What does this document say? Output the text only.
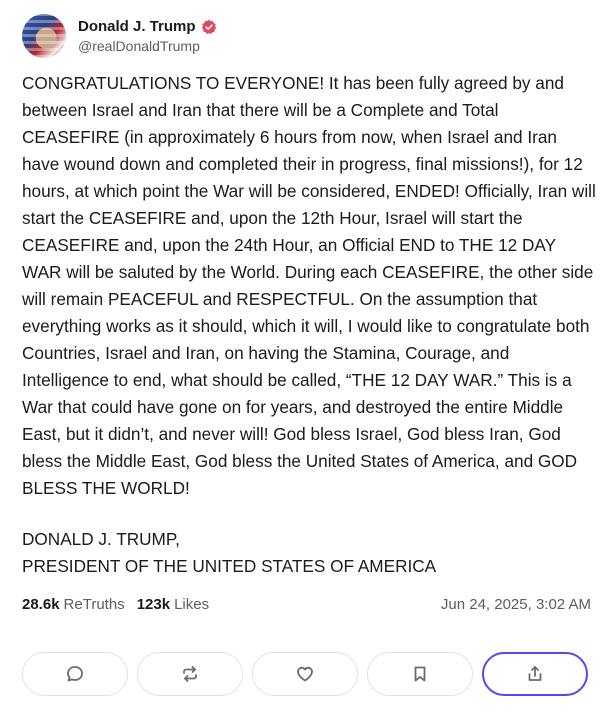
Donald J. Trump
@realDonaldTrump
CONGRATULATIONS TO EVERYONE! It has been fully agreed by and between Israel and Iran that there will be a Complete and Total CEASEFIRE (in approximately 6 hours from now, when Israel and Iran have wound down and completed their in progress, final missions!), for 12 hours, at which point the War will be considered, ENDED! Officially, Iran will start the CEASEFIRE and, upon the 12th Hour, Israel will start the CEASEFIRE and, upon the 24th Hour, an Official END to THE 12 DAY WAR will be saluted by the World. During each CEASEFIRE, the other side will remain PEACEFUL and RESPECTFUL. On the assumption that everything works as it should, which it will, I would like to congratulate both Countries, Israel and Iran, on having the Stamina, Courage, and Intelligence to end, what should be called, “THE 12 DAY WAR.” This is a War that could have gone on for years, and destroyed the entire Middle East, but it didn’t, and never will! God bless Israel, God bless Iran, God bless the Middle East, God bless the United States of America, and GOD BLESS THE WORLD!
DONALD J. TRUMP,
PRESIDENT OF THE UNITED STATES OF AMERICA
28.6k ReTruths 123k Likes	Jun 24, 2025, 3:02 AM
